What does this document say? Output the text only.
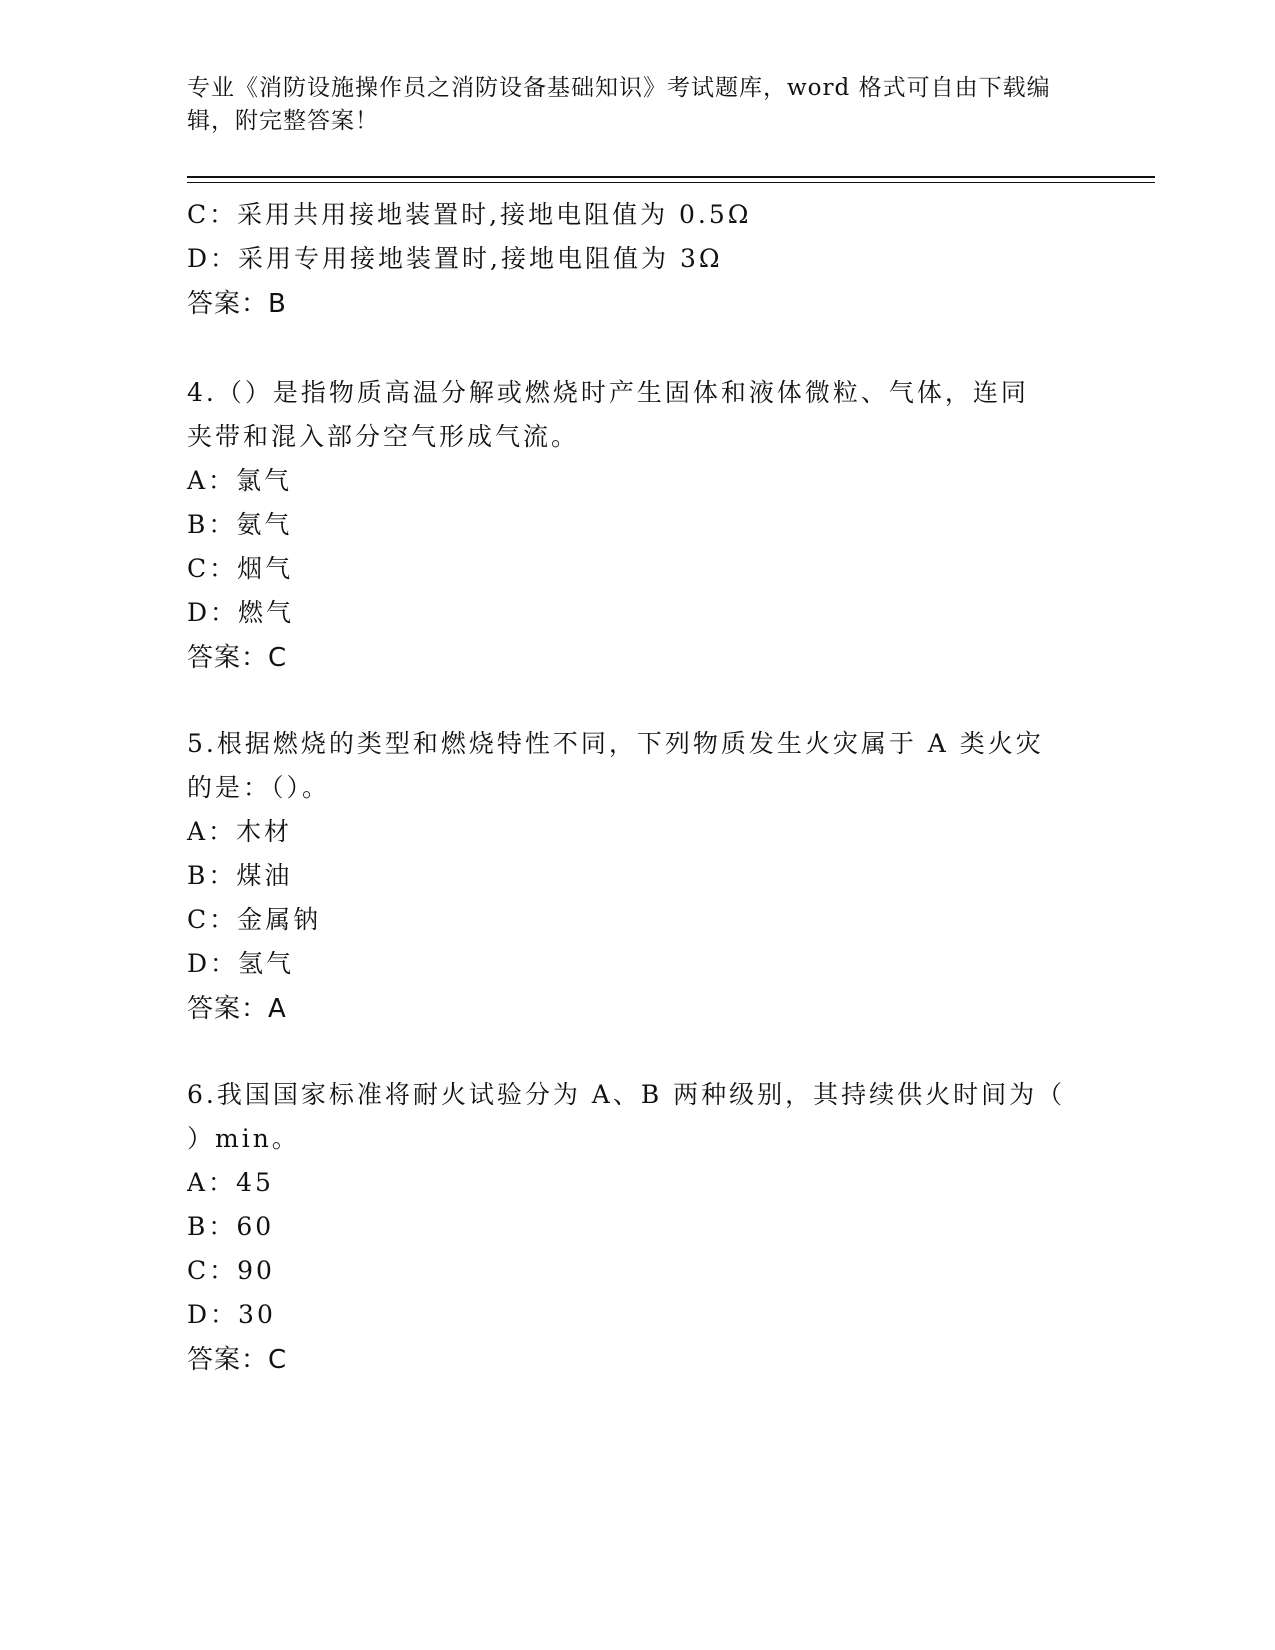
专业《消防设施操作员之消防设备基础知识》考试题库，word 格式可自由下载编
辑，附完整答案！
C：采用共用接地装置时,接地电阻值为 0.5Ω
D：采用专用接地装置时,接地电阻值为 3Ω
答案：B
4.（）是指物质高温分解或燃烧时产生固体和液体微粒、气体，连同
夹带和混入部分空气形成气流。
A：氯气
B：氨气
C：烟气
D：燃气
答案：C
5.根据燃烧的类型和燃烧特性不同，下列物质发生火灾属于 A 类火灾
的是：（）。
A：木材
B：煤油
C：金属钠
D：氢气
答案：A
6.我国国家标准将耐火试验分为 A、B 两种级别，其持续供火时间为（
）min。
A：45
B：60
C：90
D：30
答案：C
